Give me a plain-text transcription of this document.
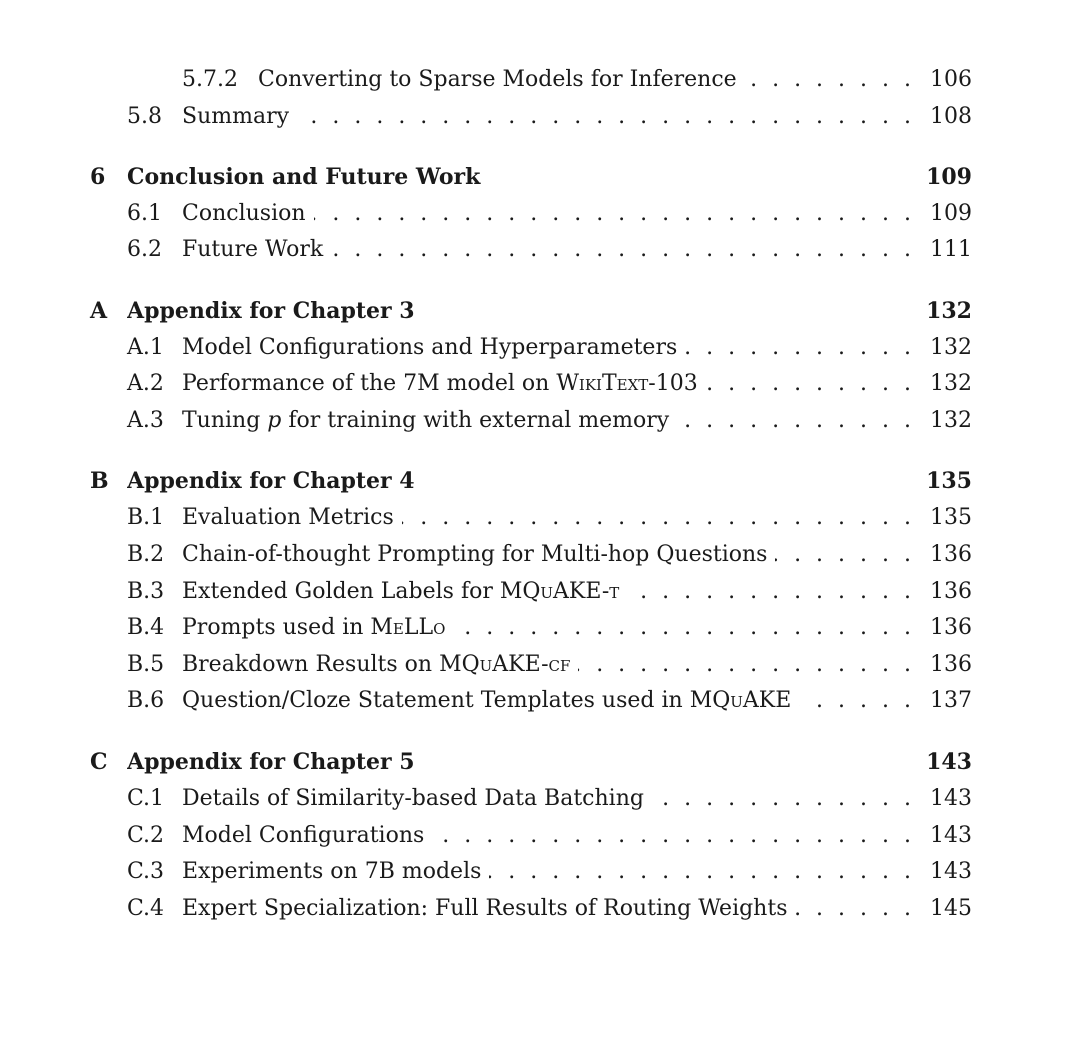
5.7.2 Converting to Sparse Models for Inference . . .	106
5.8 Summary . . .	108
6 Conclusion and Future Work	109
6.1 Conclusion . . .	109
6.2 Future Work . . .	111
A Appendix for Chapter 3	132
A.1 Model Configurations and Hyperparameters . . .	132
A.2 Performance of the 7M model on WikiText-103 . . .	132
A.3 Tuning p for training with external memory . . .	132
B Appendix for Chapter 4	135
B.1 Evaluation Metrics . . .	135
B.2 Chain-of-thought Prompting for Multi-hop Questions . . .	136
B.3 Extended Golden Labels for MQuAKE-t . . .	136
B.4 Prompts used in MeLLo . . .	136
B.5 Breakdown Results on MQuAKE-cf . . .	136
B.6 Question/Cloze Statement Templates used in MQuAKE . . .	137
C Appendix for Chapter 5	143
C.1 Details of Similarity-based Data Batching . . .	143
C.2 Model Configurations . . .	143
C.3 Experiments on 7B models . . .	143
C.4 Expert Specialization: Full Results of Routing Weights . . .	145
